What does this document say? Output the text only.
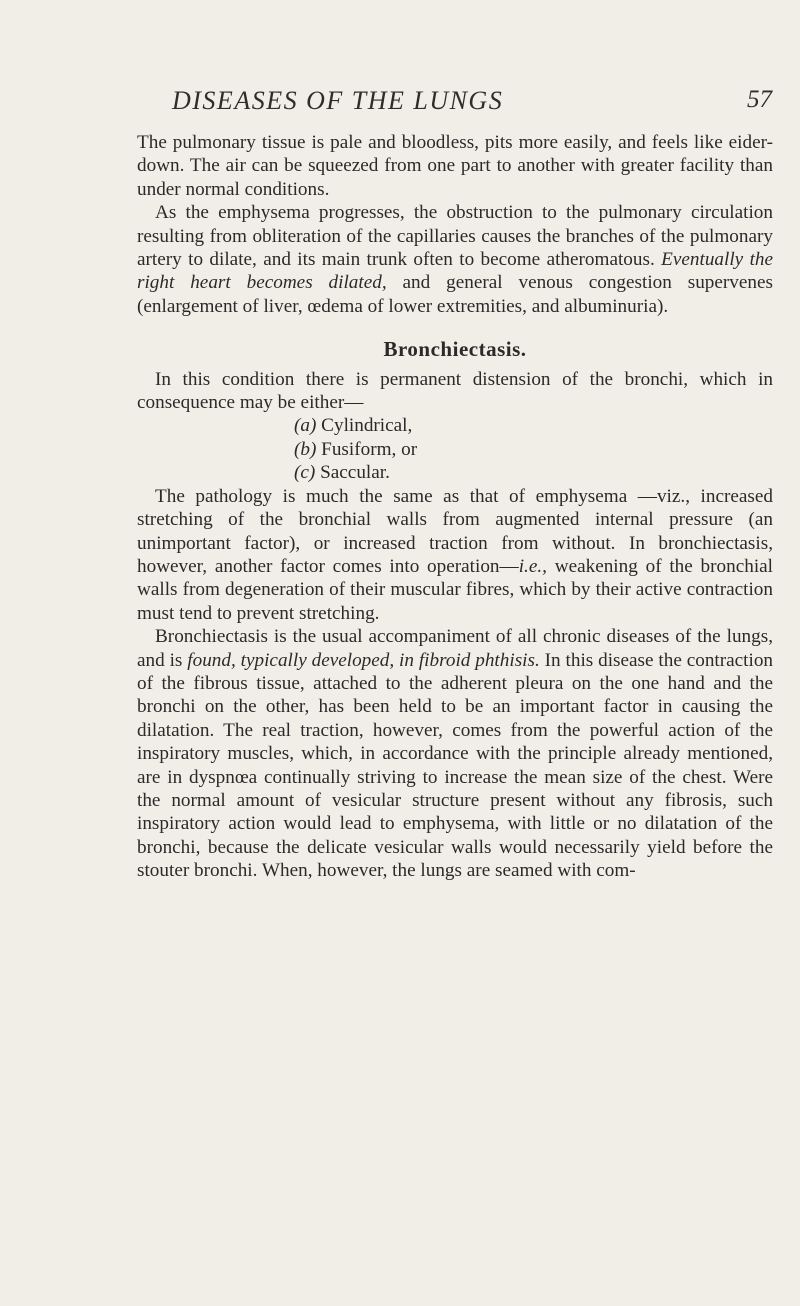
DISEASES OF THE LUNGS	57

The pulmonary tissue is pale and bloodless, pits more easily, and feels like eider-down. The air can be squeezed from one part to another with greater facility than under normal conditions.

As the emphysema progresses, the obstruction to the pulmonary circulation resulting from obliteration of the capillaries causes the branches of the pulmonary artery to dilate, and its main trunk often to become atheromatous. Eventually the right heart becomes dilated, and general venous congestion supervenes (enlargement of liver, œdema of lower extremities, and albuminuria).

Bronchiectasis.

In this condition there is permanent distension of the bronchi, which in consequence may be either—

(a) Cylindrical,
(b) Fusiform, or
(c) Saccular.

The pathology is much the same as that of emphysema —viz., increased stretching of the bronchial walls from augmented internal pressure (an unimportant factor), or increased traction from without. In bronchiectasis, however, another factor comes into operation—i.e., weakening of the bronchial walls from degeneration of their muscular fibres, which by their active contraction must tend to prevent stretching.

Bronchiectasis is the usual accompaniment of all chronic diseases of the lungs, and is found, typically developed, in fibroid phthisis. In this disease the contraction of the fibrous tissue, attached to the adherent pleura on the one hand and the bronchi on the other, has been held to be an important factor in causing the dilatation. The real traction, however, comes from the powerful action of the inspiratory muscles, which, in accordance with the principle already mentioned, are in dyspnœa continually striving to increase the mean size of the chest. Were the normal amount of vesicular structure present without any fibrosis, such inspiratory action would lead to emphysema, with little or no dilatation of the bronchi, because the delicate vesicular walls would necessarily yield before the stouter bronchi. When, however, the lungs are seamed with com-
